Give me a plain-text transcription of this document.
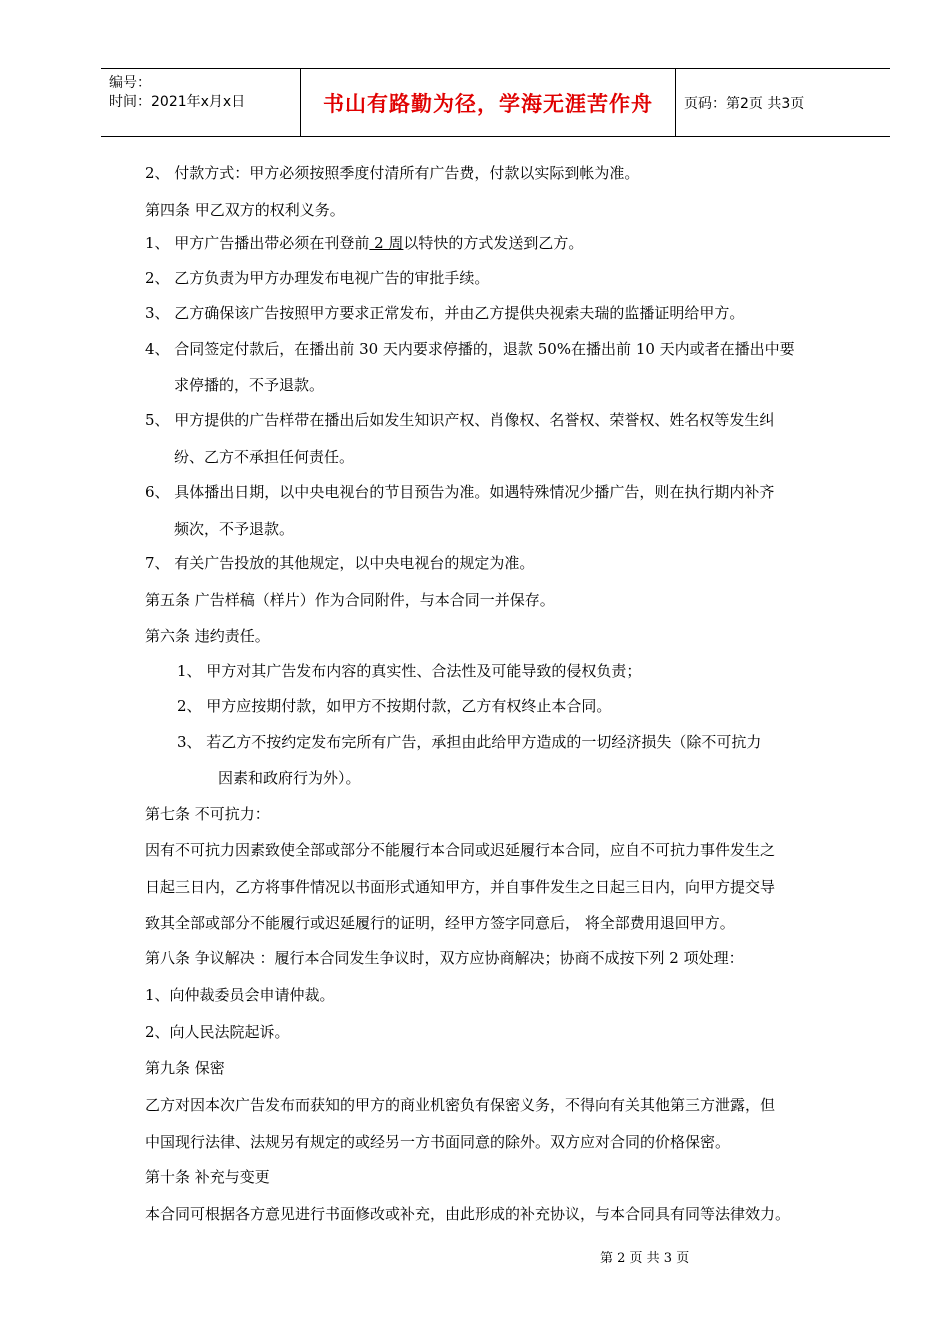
编号：
时间：2021年x月x日	书山有路勤为径，学海无涯苦作舟	页码：第2页 共3页
2、 付款方式：甲方必须按照季度付清所有广告费，付款以实际到帐为准。
第四条 甲乙双方的权利义务。
1、 甲方广告播出带必须在刊登前 2 周以特快的方式发送到乙方。
2、 乙方负责为甲方办理发布电视广告的审批手续。
3、 乙方确保该广告按照甲方要求正常发布，并由乙方提供央视索夫瑞的监播证明给甲方。
4、 合同签定付款后，在播出前 30 天内要求停播的，退款 50%在播出前 10 天内或者在播出中要
求停播的，不予退款。
5、 甲方提供的广告样带在播出后如发生知识产权、肖像权、名誉权、荣誉权、姓名权等发生纠
纷、乙方不承担任何责任。
6、 具体播出日期，以中央电视台的节目预告为准。如遇特殊情况少播广告，则在执行期内补齐
频次，不予退款。
7、 有关广告投放的其他规定，以中央电视台的规定为准。
第五条 广告样稿（样片）作为合同附件，与本合同一并保存。
第六条 违约责任。
1、 甲方对其广告发布内容的真实性、合法性及可能导致的侵权负责；
2、 甲方应按期付款，如甲方不按期付款，乙方有权终止本合同。
3、 若乙方不按约定发布完所有广告，承担由此给甲方造成的一切经济损失（除不可抗力
因素和政府行为外）。
第七条 不可抗力：
因有不可抗力因素致使全部或部分不能履行本合同或迟延履行本合同，应自不可抗力事件发生之
日起三日内，乙方将事件情况以书面形式通知甲方，并自事件发生之日起三日内，向甲方提交导
致其全部或部分不能履行或迟延履行的证明，经甲方签字同意后， 将全部费用退回甲方。
第八条 争议解决 ：履行本合同发生争议时，双方应协商解决；协商不成按下列 2 项处理：
1、向仲裁委员会申请仲裁。
2、向人民法院起诉。
第九条 保密
乙方对因本次广告发布而获知的甲方的商业机密负有保密义务，不得向有关其他第三方泄露，但
中国现行法律、法规另有规定的或经另一方书面同意的除外。双方应对合同的价格保密。
第十条 补充与变更
本合同可根据各方意见进行书面修改或补充，由此形成的补充协议，与本合同具有同等法律效力。
第 2 页 共 3 页
